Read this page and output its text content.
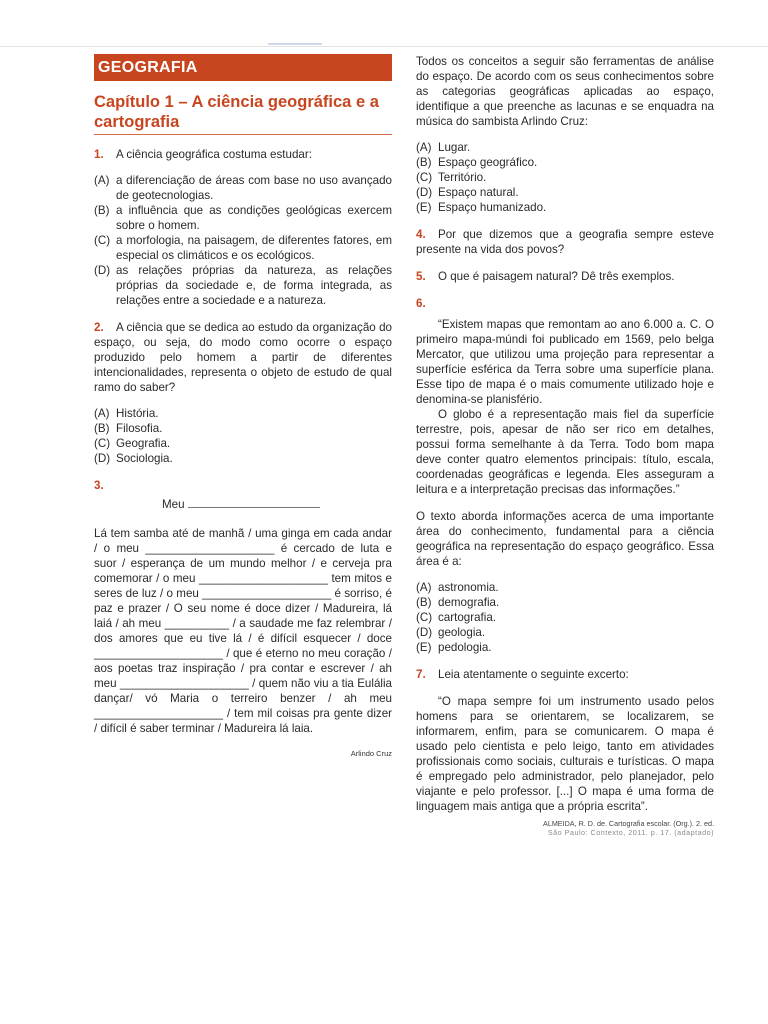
GEOGRAFIA
Capítulo 1 – A ciência geográfica e a cartografia
1. A ciência geográfica costuma estudar:
(A) a diferenciação de áreas com base no uso avançado de geotecnologias.
(B) a influência que as condições geológicas exercem sobre o homem.
(C) a morfologia, na paisagem, de diferentes fatores, em especial os climáticos e os ecológicos.
(D) as relações próprias da natureza, as relações próprias da sociedade e, de forma integrada, as relações entre a sociedade e a natureza.
2. A ciência que se dedica ao estudo da organização do espaço, ou seja, do modo como ocorre o espaço produzido pelo homem a partir de diferentes intencionalidades, representa o objeto de estudo de qual ramo do saber?
(A) História.
(B) Filosofia.
(C) Geografia.
(D) Sociologia.
3.
Meu
Lá tem samba até de manhã / uma ginga em cada andar / o meu ____________________ é cercado de luta e suor / esperança de um mundo melhor / e cerveja pra comemorar / o meu ____________________ tem mitos e seres de luz / o meu ____________________ é sorriso, é paz e prazer / O seu nome é doce dizer / Madureira, lá laiá / ah meu __________ / a saudade me faz relembrar / dos amores que eu tive lá / é difícil esquecer / doce ____________________ / que é eterno no meu coração / aos poetas traz inspiração / pra contar e escrever / ah meu ____________________ / quem não viu a tia Eulália dançar/ vó Maria o terreiro benzer / ah meu ____________________ / tem mil coisas pra gente dizer / difícil é saber terminar / Madureira lá laia.
Arlindo Cruz
Todos os conceitos a seguir são ferramentas de análise do espaço. De acordo com os seus conhecimentos sobre as categorias geográficas aplicadas ao espaço, identifique a que preenche as lacunas e se enquadra na música do sambista Arlindo Cruz:
(A) Lugar.
(B) Espaço geográfico.
(C) Território.
(D) Espaço natural.
(E) Espaço humanizado.
4. Por que dizemos que a geografia sempre esteve presente na vida dos povos?
5. O que é paisagem natural? Dê três exemplos.
6.

“Existem mapas que remontam ao ano 6.000 a. C. O primeiro mapa-múndi foi publicado em 1569, pelo belga Mercator, que utilizou uma projeção para representar a superfície esférica da Terra sobre uma superfície plana. Esse tipo de mapa é o mais comumente utilizado hoje e denomina-se planisfério.

O globo é a representação mais fiel da superfície terrestre, pois, apesar de não ser rico em detalhes, possui forma semelhante à da Terra. Todo bom mapa deve conter quatro elementos principais: título, escala, coordenadas geográficas e legenda. Eles asseguram a leitura e a interpretação precisas das informações.”

O texto aborda informações acerca de uma importante área do conhecimento, fundamental para a ciência geográfica na representação do espaço geográfico. Essa área é a:
(A) astronomia.
(B) demografia.
(C) cartografia.
(D) geologia.
(E) pedologia.
7. Leia atentamente o seguinte excerto:

“O mapa sempre foi um instrumento usado pelos homens para se orientarem, se localizarem, se informarem, enfim, para se comunicarem. O mapa é usado pelo cientista e pelo leigo, tanto em atividades profissionais como sociais, culturais e turísticas. O mapa é empregado pelo administrador, pelo planejador, pelo viajante e pelo professor. [...] O mapa é uma forma de linguagem mais antiga que a própria escrita”.

ALMEIDA, R. D. de. Cartografia escolar. (Org.). 2. ed.
São Paulo: Contexto, 2011. p. 17. (adaptado)
